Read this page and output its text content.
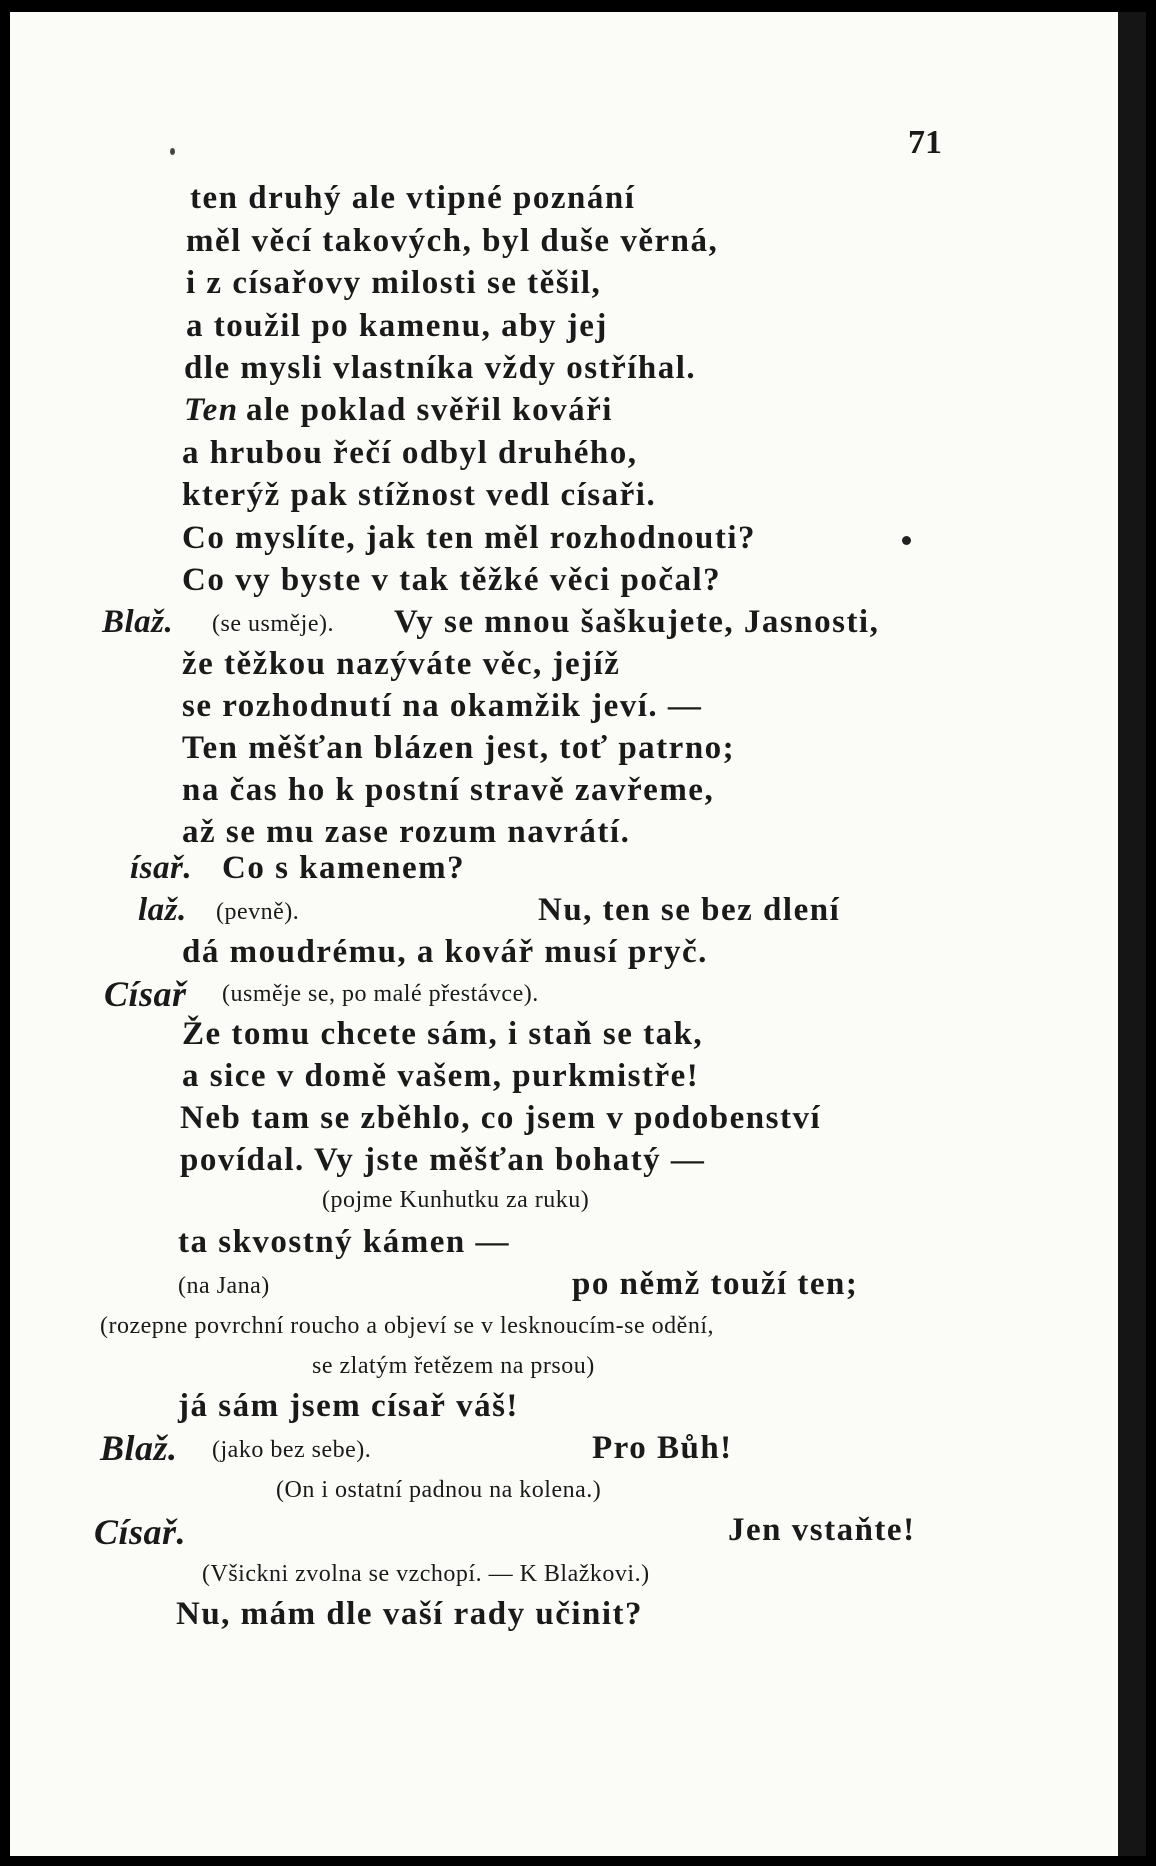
71
ten druhý ale vtipné poznání
měl věcí takových, byl duše věrná,
i z císařovy milosti se těšil,
a toužil po kamenu, aby jej
dle mysli vlastníka vždy ostříhal.
Ten ale poklad svěřil kováři
a hrubou řečí odbyl druhého,
kterýž pak stížnost vedl císaři.
Co myslíte, jak ten měl rozhodnouti?
Co vy byste v tak těžké věci počal?
Blaž. (se usměje). Vy se mnou šaškujete, Jasnosti,
že těžkou nazýváte věc, jejíž
se rozhodnutí na okamžik jeví. —
Ten měšťan blázen jest, toť patrno;
na čas ho k postní stravě zavřeme,
až se mu zase rozum navrátí.
ísař. Co s kamenem?
laž. (pevně).	Nu, ten se bez dlení
dá moudrému, a kovář musí pryč.
Císař (usměje se, po malé přestávce).
Že tomu chcete sám, i staň se tak,
a sice v domě vašem, purkmistře!
Neb tam se zběhlo, co jsem v podobenství
povídal. Vy jste měšťan bohatý —
(pojme Kunhutku za ruku)
ta skvostný kámen —
(na Jana)	po němž touží ten;
(rozepne povrchní roucho a objeví se v lesknoucím-se odění,
se zlatým řetězem na prsou)
já sám jsem císař váš!
Blaž. (jako bez sebe).	Pro Bůh!
(On i ostatní padnou na kolena.)
Císař.	Jen vstaňte!
(Všickni zvolna se vzchopí. — K Blažkovi.)
Nu, mám dle vaší rady učinit?
